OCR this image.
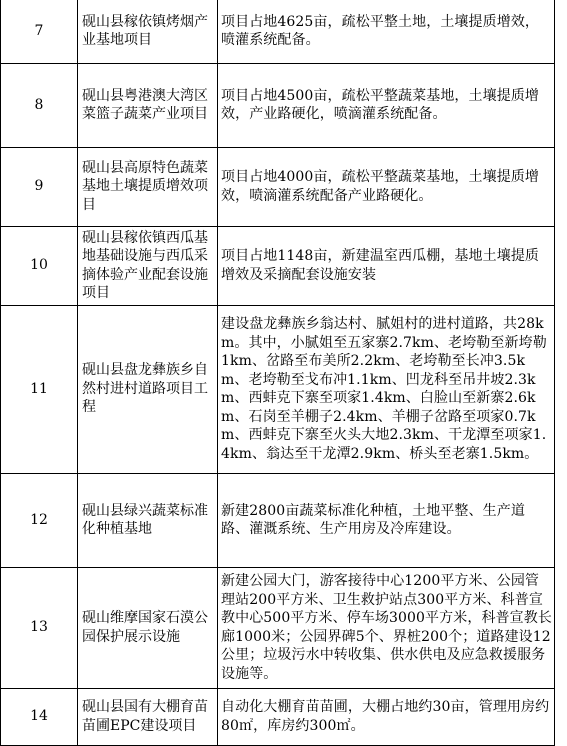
7	砚山县稼依镇烤烟产业基地项目	项目占地4625亩，疏松平整土地，土壤提质增效，喷灌系统配备。
8	砚山县粤港澳大湾区菜篮子蔬菜产业项目	项目占地4500亩，疏松平整蔬菜基地，土壤提质增效，产业路硬化，喷滴灌系统配备。
9	砚山县高原特色蔬菜基地土壤提质增效项目	项目占地4000亩，疏松平整蔬菜基地，土壤提质增效，喷滴灌系统配备产业路硬化。
10	砚山县稼依镇西瓜基地基础设施与西瓜采摘体验产业配套设施项目	项目占地1148亩，新建温室西瓜棚，基地土壤提质增效及采摘配套设施安装
11	砚山县盘龙彝族乡自然村进村道路项目工程	建设盘龙彝族乡翁达村、腻姐村的进村道路，共28km。其中，小腻姐至五家寨2.7km、老垮勒至新垮勒1km、岔路至布美所2.2km、老垮勒至长冲3.5km、老垮勒至戈布冲1.1km、凹龙科至吊井坡2.3km、西蚌克下寨至项家1.4km、白脸山至新寨2.6km、石岗至羊棚子2.4km、羊棚子岔路至项家0.7km、西蚌克下寨至火头大地2.3km、干龙潭至项家1.4km、翁达至干龙潭2.9km、桥头至老寨1.5km。
12	砚山县绿兴蔬菜标准化种植基地	新建2800亩蔬菜标准化种植，土地平整、生产道路、灌溉系统、生产用房及冷库建设。
13	砚山维摩国家石漠公园保护展示设施	新建公园大门，游客接待中心1200平方米、公园管理站200平方米、卫生救护站点300平方米、科普宣教中心500平方米、停车场3000平方米，科普宣教长廊1000米；公园界碑5个、界桩200个；道路建设12公里；垃圾污水中转收集、供水供电及应急救援服务设施等。
14	砚山县国有大棚育苗苗圃EPC建设项目	自动化大棚育苗苗圃，大棚占地约30亩，管理用房约80㎡，库房约300㎡。
